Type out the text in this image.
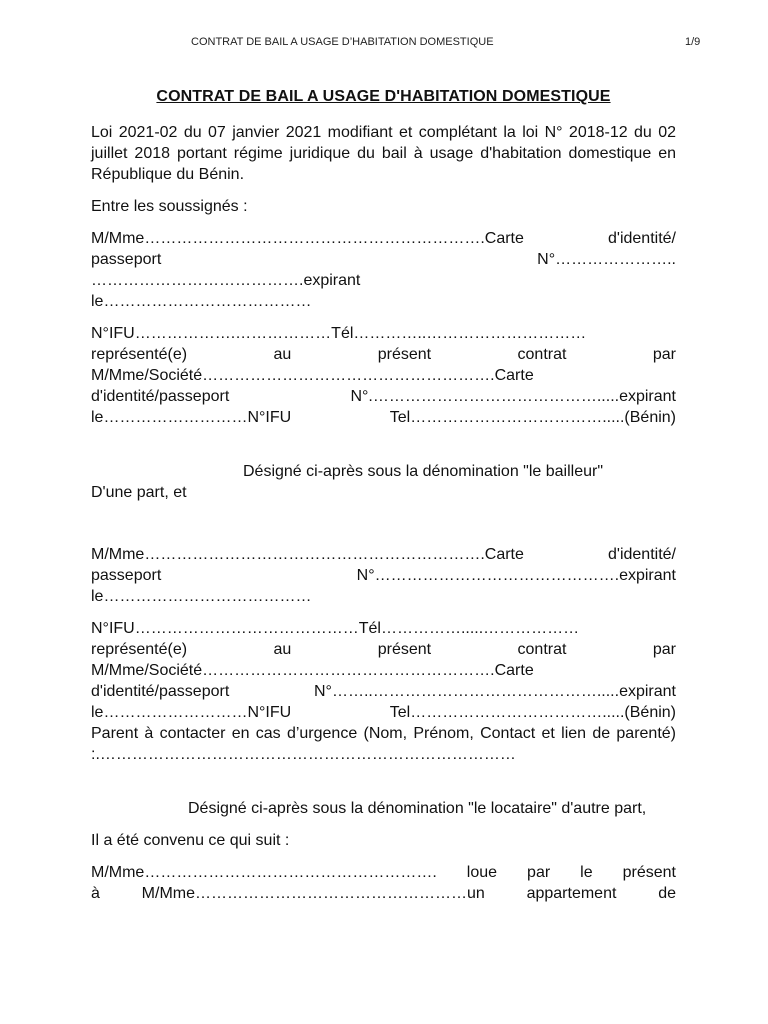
CONTRAT DE BAIL A USAGE D’HABITATION DOMESTIQUE	1/9
CONTRAT DE BAIL A USAGE D'HABITATION DOMESTIQUE

Loi 2021-02 du 07 janvier 2021 modifiant et complétant la loi N° 2018-12 du 02 juillet 2018 portant régime juridique du bail à usage d'habitation domestique en République du Bénin.

Entre les soussignés :

M/Mme……………………………………………………….Carte d'identité/

passeport N°…………………..

………………………………….expirant

le…………………………………

N°IFU……………….………………Tél…………..…………………………

représenté(e) au présent contrat par

M/Mme/Société……………………………………………….Carte

d'identité/passeport N°.…………………………………….....expirant

le………………………N°IFU Tel……………………………….....(Bénin)

Désigné ci-après sous la dénomination "le bailleur"

D'une part, et

M/Mme……………………………………………………….Carte d'identité/

passeport N°……………………………………….expirant

le…………………………………

N°IFU……………………………………Tél…………….....………………

représenté(e) au présent contrat par

M/Mme/Société……………………………………………….Carte

d'identité/passeport N°……..…………………………………….....expirant

le………………………N°IFU Tel……………………………….....(Bénin)

Parent à contacter en cas d’urgence (Nom, Prénom, Contact et lien de parenté) :.……………………………………………………………………

Désigné ci-après sous la dénomination "le locataire" d'autre part,

Il a été convenu ce qui suit :

M/Mme………………………………………………. loue par le présent

à M/Mme……………………………………………un appartement de
